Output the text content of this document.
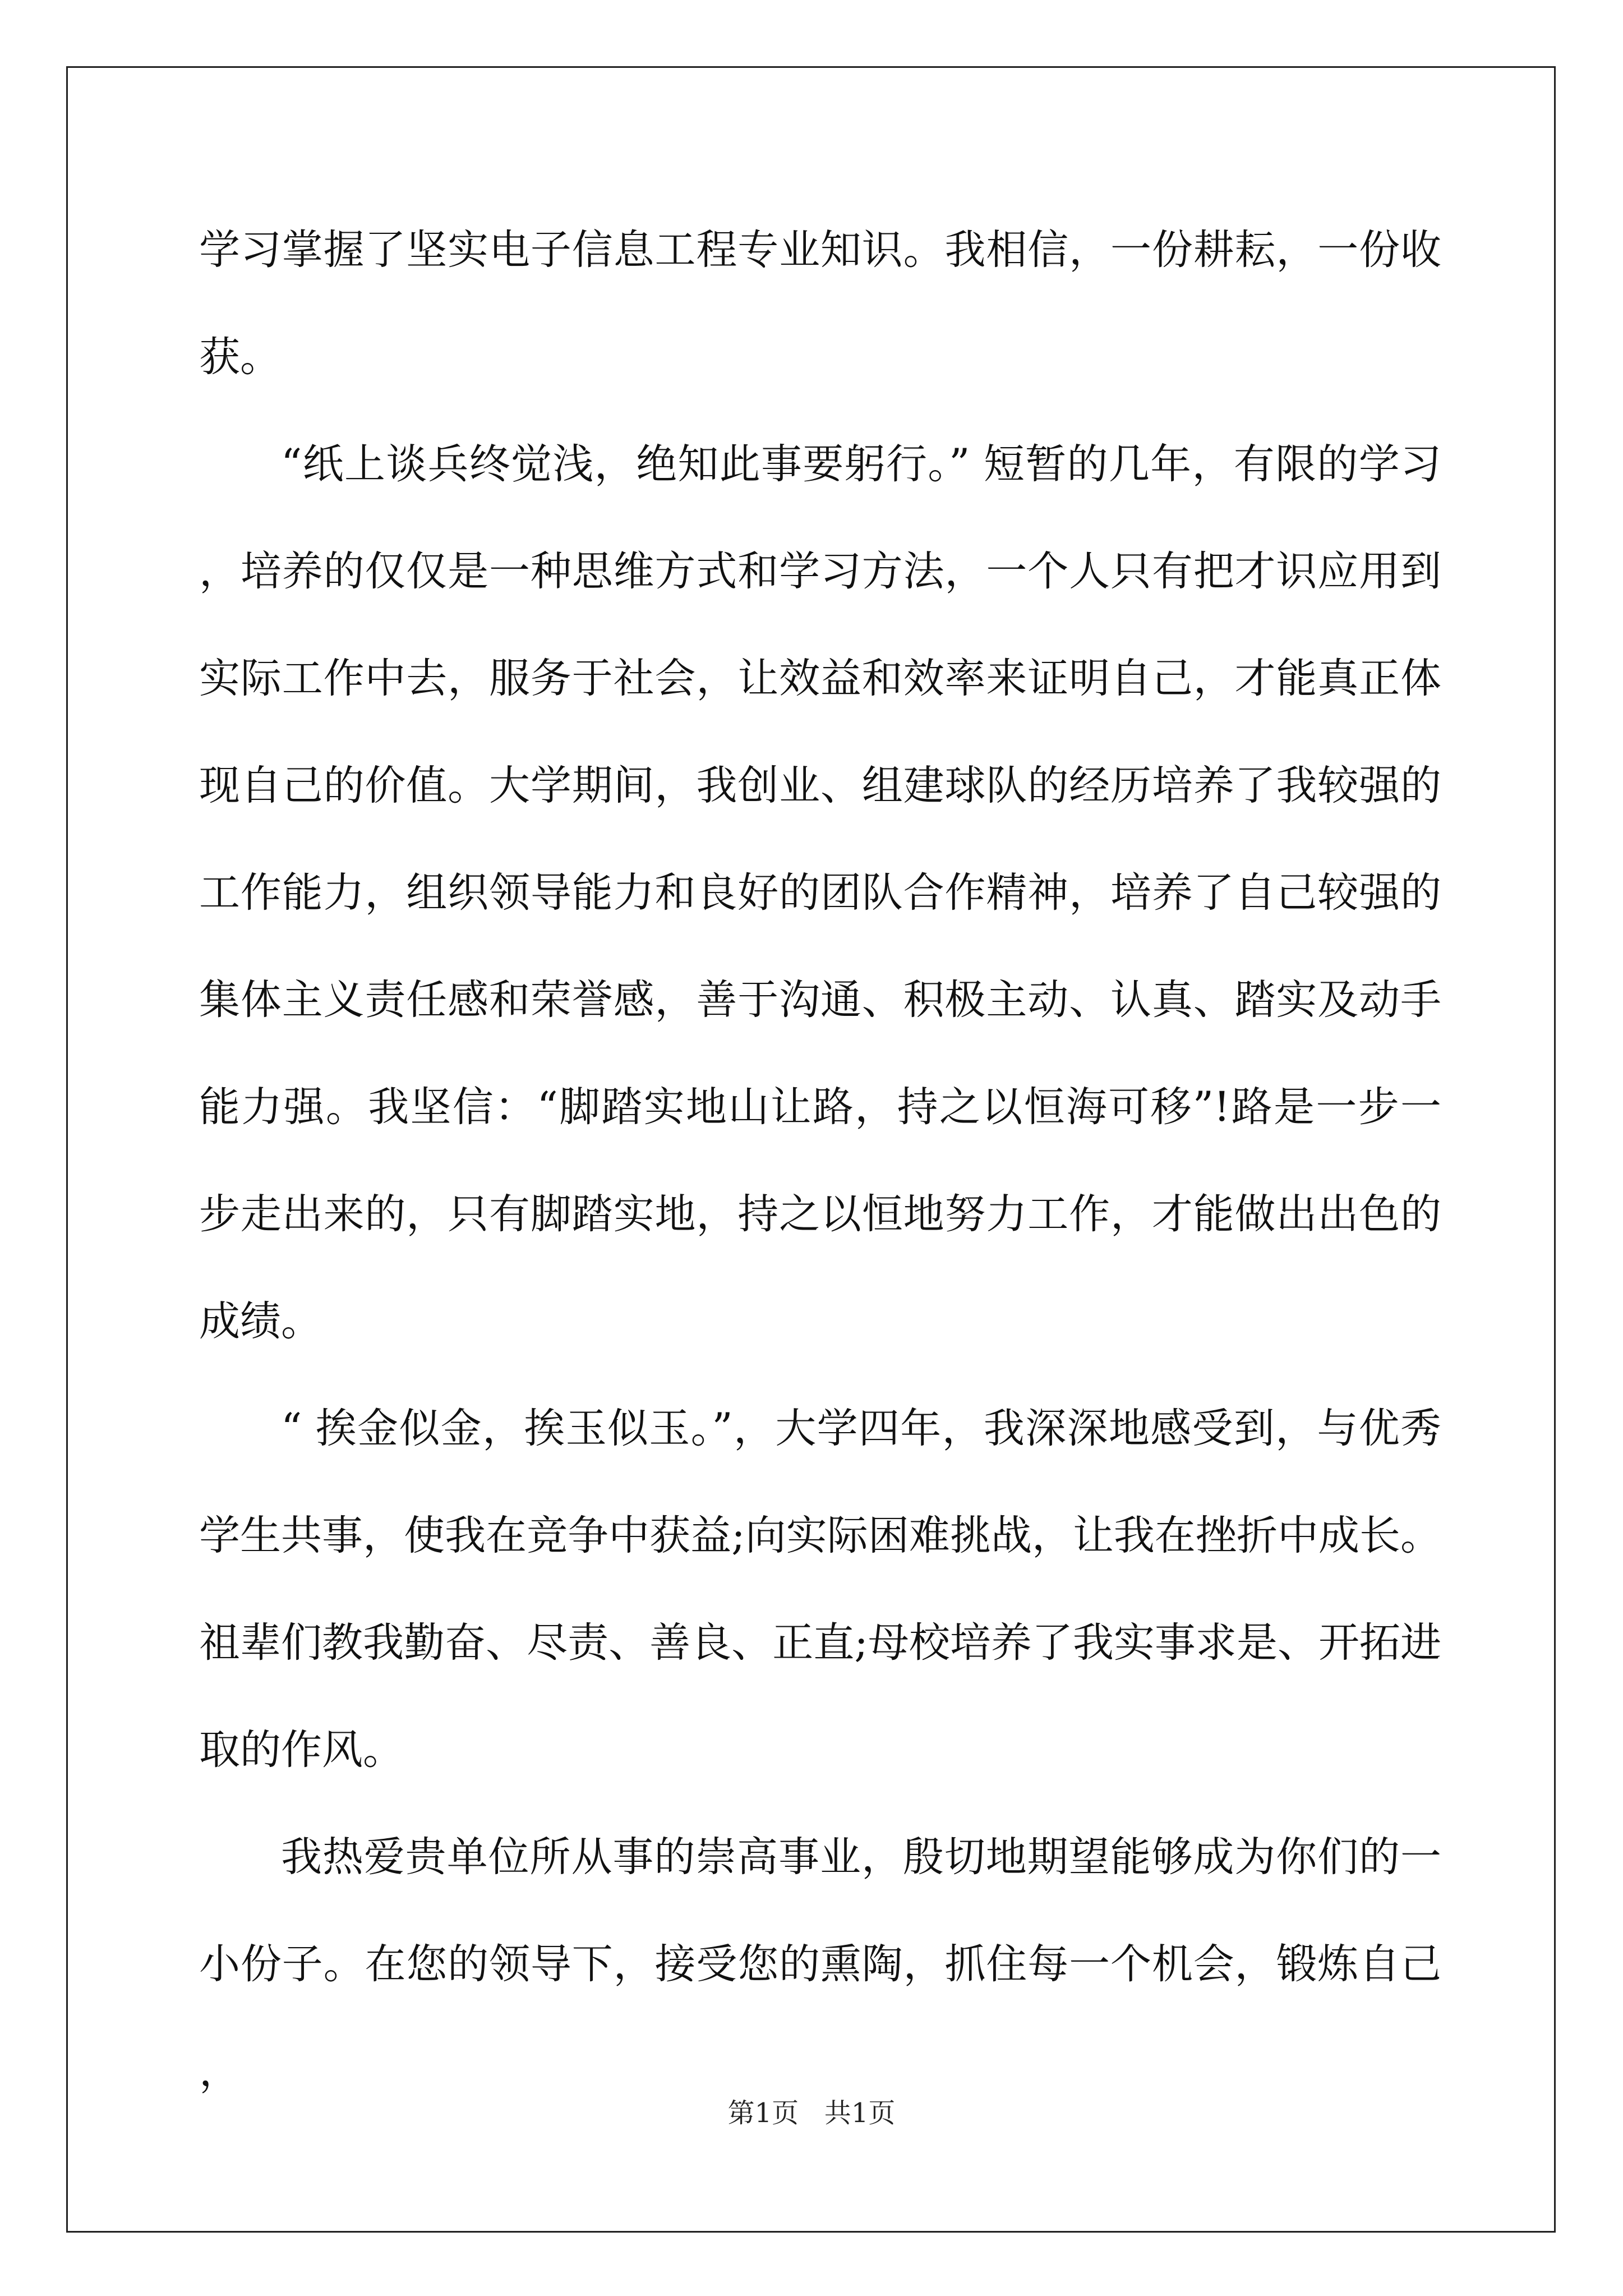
学习掌握了坚实电子信息工程专业知识。我相信，一份耕耘，一份收获。

“纸上谈兵终觉浅，绝知此事要躬行。” 短暂的几年，有限的学习，培养的仅仅是一种思维方式和学习方法，一个人只有把才识应用到实际工作中去，服务于社会，让效益和效率来证明自己，才能真正体现自己的价值。大学期间，我创业、组建球队的经历培养了我较强的工作能力，组织领导能力和良好的团队合作精神，培养了自己较强的集体主义责任感和荣誉感，善于沟通、积极主动、认真、踏实及动手能力强。我坚信：“脚踏实地山让路，持之以恒海可移”!路是一步一步走出来的，只有脚踏实地，持之以恒地努力工作，才能做出出色的成绩。

“ 挨金似金，挨玉似玉。”，大学四年，我深深地感受到，与优秀学生共事，使我在竞争中获益;向实际困难挑战，让我在挫折中成长。祖辈们教我勤奋、尽责、善良、正直;母校培养了我实事求是、开拓进取的作风。

我热爱贵单位所从事的崇高事业，殷切地期望能够成为你们的一小份子。在您的领导下，接受您的熏陶，抓住每一个机会，锻炼自己，

第1页   共1页
